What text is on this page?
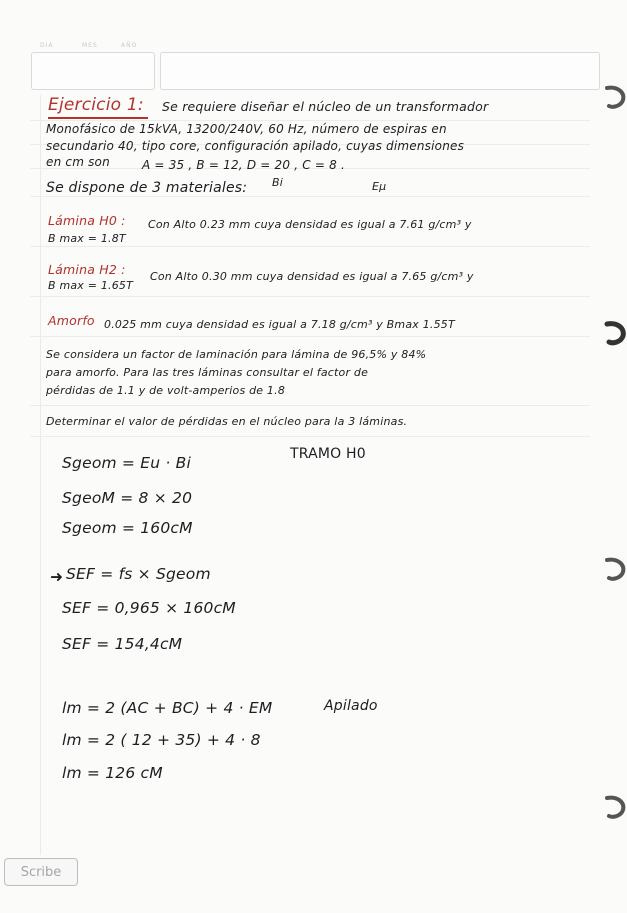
DIA	MES	AÑO
Ejercicio 1: Se requiere diseñar el núcleo de un transformador
Monofásico de 15kVA, 13200/240V, 60 Hz, número de espiras en
secundario 40, tipo core, configuración apilado, cuyas dimensiones
en cm son	A = 35 , B = 12, D = 20 , C = 8 .
Bi	Eµ
Se dispone de 3 materiales:
Lámina H0 : Con Alto 0.23 mm cuya densidad es igual a 7.61 g/cm³ y
B max = 1.8T
Lámina H2 : Con Alto 0.30 mm cuya densidad es igual a 7.65 g/cm³ y
B max = 1.65T
Amorfo 0.025 mm cuya densidad es igual a 7.18 g/cm³ y Bmax 1.55T
Se considera un factor de laminación para lámina de 96,5% y 84%
para amorfo. Para las tres láminas consultar el factor de
pérdidas de 1.1 y de volt-amperios de 1.8
Determinar el valor de pérdidas en el núcleo para la 3 láminas.
TRAMO H0
Sgeom = Eu · Bi
SgeoM = 8 × 20
Sgeom = 160cM
➜ SEF = fs × Sgeom
SEF = 0,965 × 160cM
SEF = 154,4cM
lm = 2 (AC + BC) + 4 · EM	Apilado
lm = 2 ( 12 + 35) + 4 · 8
lm = 126 cM
Scribe
